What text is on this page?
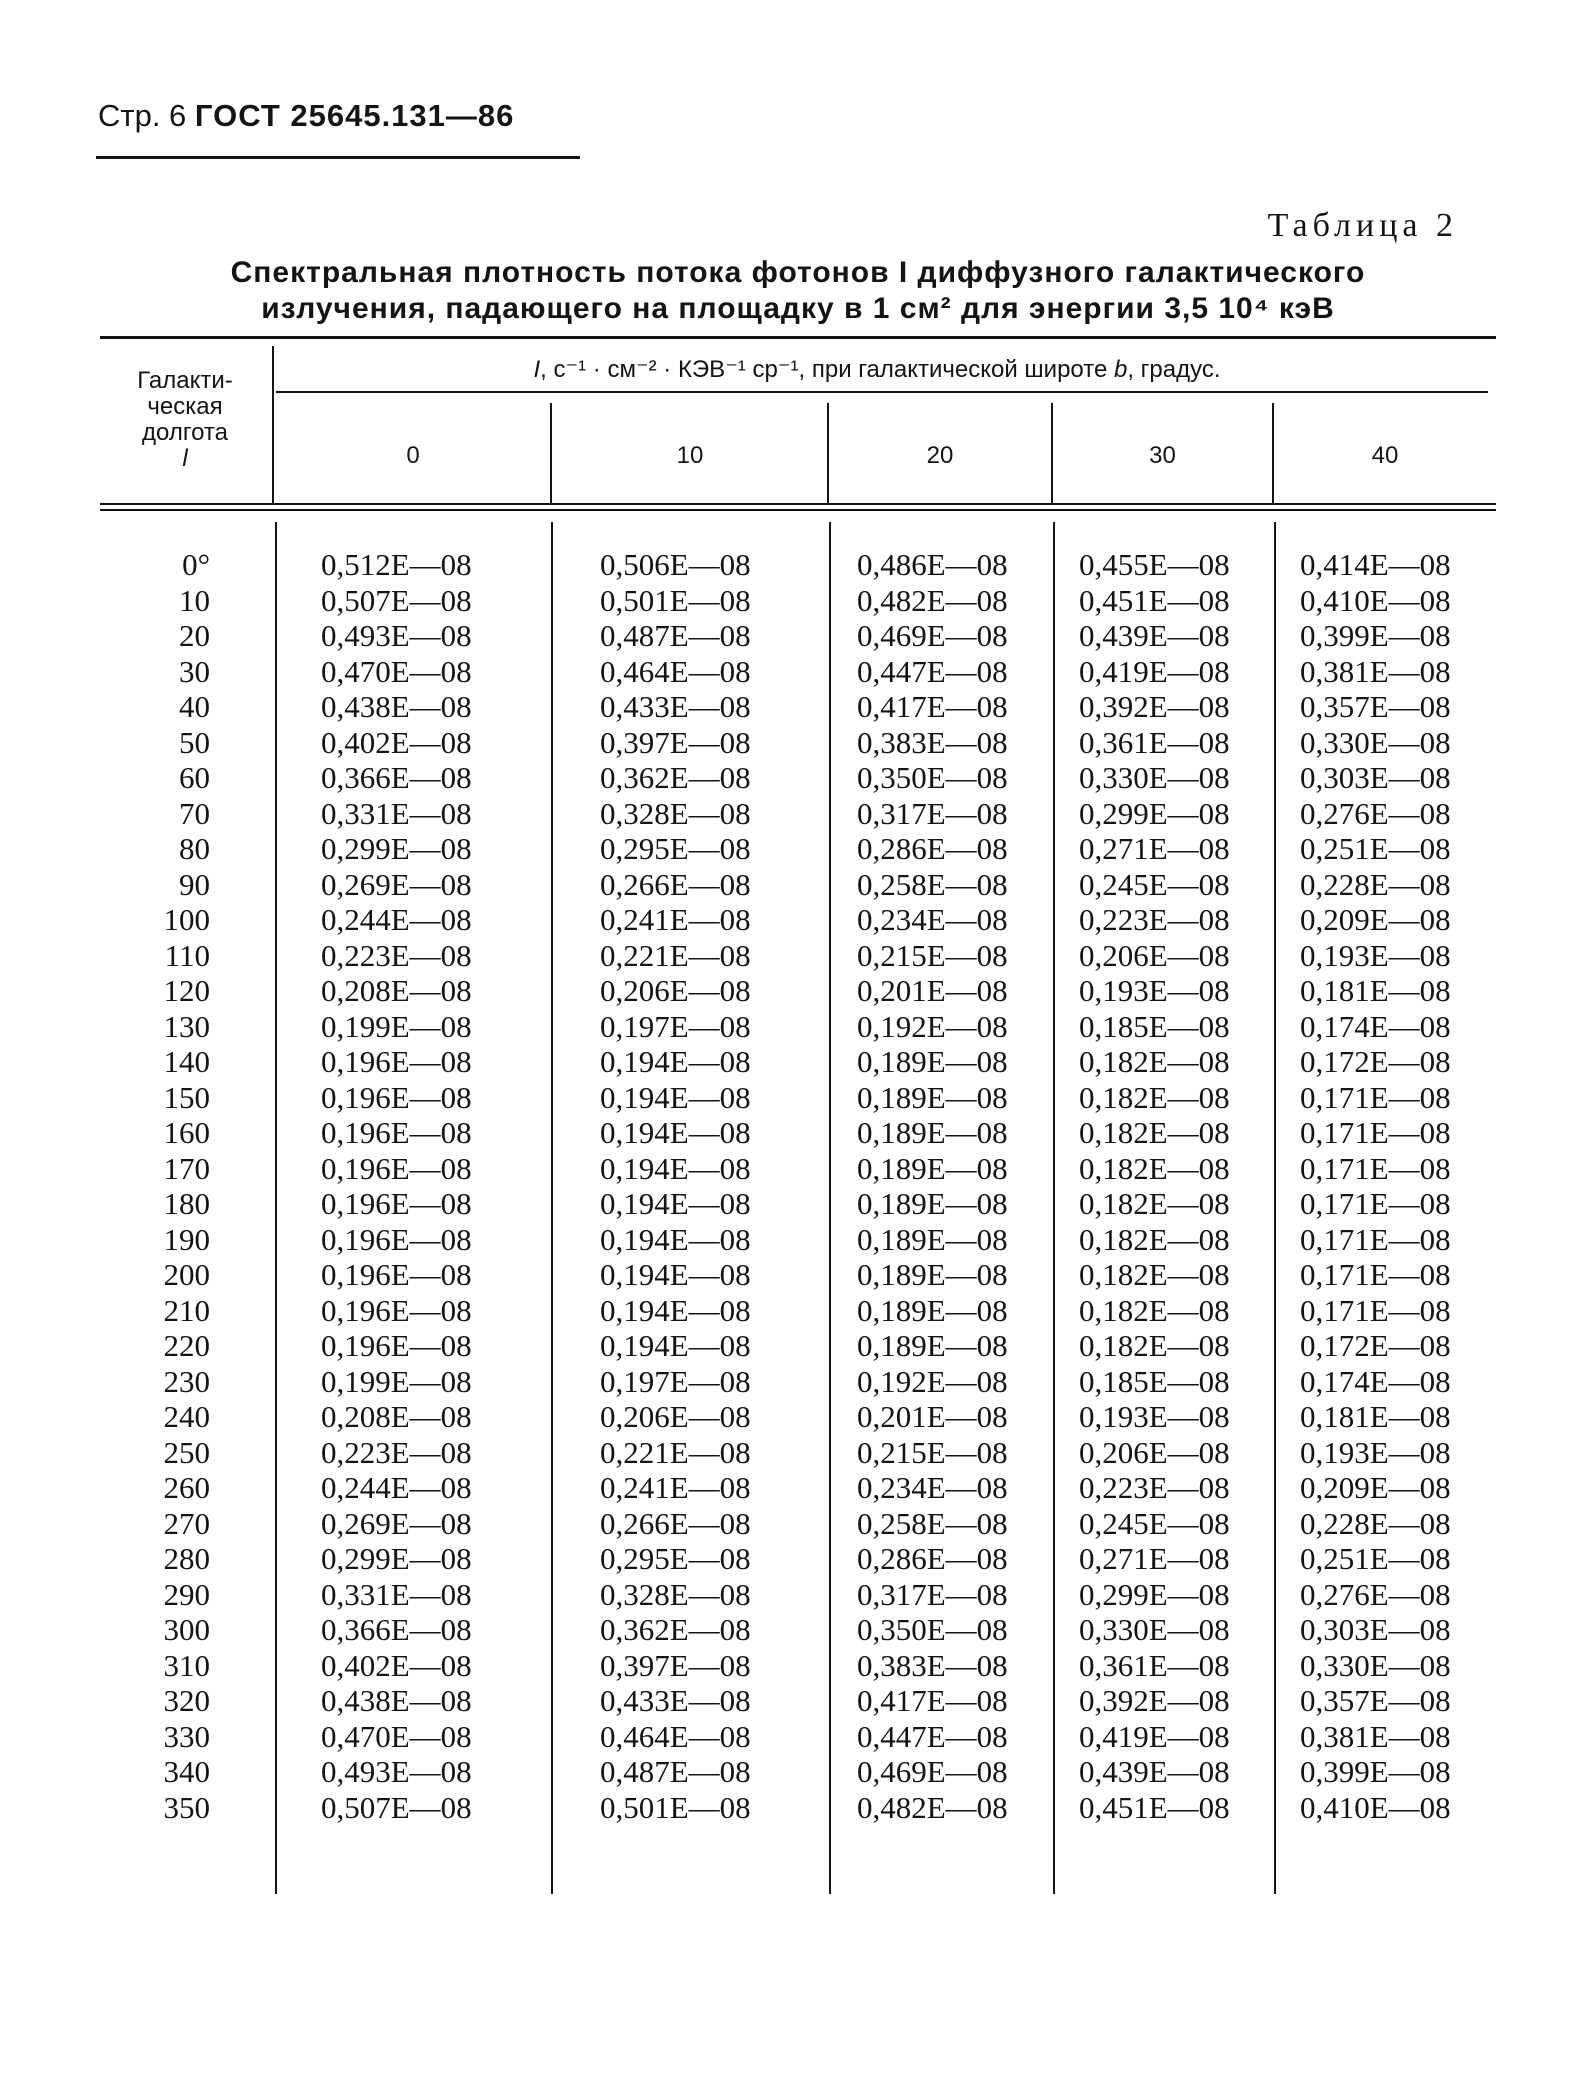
Стр. 6 ГОСТ 25645.131—86
Таблица 2
Спектральная плотность потока фотонов I диффузного галактического
излучения, падающего на площадку в 1 см² для энергии 3,5 10⁴ кэВ
Галакти-
ческая
долгота
l
I, с⁻¹ · см⁻² · КЭВ⁻¹ ср⁻¹, при галактической широте b, градус.
0	10	20	30	40
0°	0,512E—08	0,506E—08	0,486E—08 0,455E—08 0,414E—08
10	0,507E—08	0,501E—08	0,482E—08 0,451E—08 0,410E—08
20	0,493E—08	0,487E—08	0,469E—08 0,439E—08 0,399E—08
30	0,470E—08	0,464E—08	0,447E—08 0,419E—08 0,381E—08
40	0,438E—08	0,433E—08	0,417E—08 0,392E—08 0,357E—08
50	0,402E—08	0,397E—08	0,383E—08 0,361E—08 0,330E—08
60	0,366E—08	0,362E—08	0,350E—08 0,330E—08 0,303E—08
70	0,331E—08	0,328E—08	0,317E—08 0,299E—08 0,276E—08
80	0,299E—08	0,295E—08	0,286E—08 0,271E—08 0,251E—08
90	0,269E—08	0,266E—08	0,258E—08 0,245E—08 0,228E—08
100	0,244E—08	0,241E—08	0,234E—08 0,223E—08 0,209E—08
110	0,223E—08	0,221E—08	0,215E—08 0,206E—08 0,193E—08
120	0,208E—08	0,206E—08	0,201E—08 0,193E—08 0,181E—08
130	0,199E—08	0,197E—08	0,192E—08 0,185E—08 0,174E—08
140	0,196E—08	0,194E—08	0,189E—08 0,182E—08 0,172E—08
150	0,196E—08	0,194E—08	0,189E—08 0,182E—08 0,171E—08
160	0,196E—08	0,194E—08	0,189E—08 0,182E—08 0,171E—08
170	0,196E—08	0,194E—08	0,189E—08 0,182E—08 0,171E—08
180	0,196E—08	0,194E—08	0,189E—08 0,182E—08 0,171E—08
190	0,196E—08	0,194E—08	0,189E—08 0,182E—08 0,171E—08
200	0,196E—08	0,194E—08	0,189E—08 0,182E—08 0,171E—08
210	0,196E—08	0,194E—08	0,189E—08 0,182E—08 0,171E—08
220	0,196E—08	0,194E—08	0,189E—08 0,182E—08 0,172E—08
230	0,199E—08	0,197E—08	0,192E—08 0,185E—08 0,174E—08
240	0,208E—08	0,206E—08	0,201E—08 0,193E—08 0,181E—08
250	0,223E—08	0,221E—08	0,215E—08 0,206E—08 0,193E—08
260	0,244E—08	0,241E—08	0,234E—08 0,223E—08 0,209E—08
270	0,269E—08	0,266E—08	0,258E—08 0,245E—08 0,228E—08
280	0,299E—08	0,295E—08	0,286E—08 0,271E—08 0,251E—08
290	0,331E—08	0,328E—08	0,317E—08 0,299E—08 0,276E—08
300	0,366E—08	0,362E—08	0,350E—08 0,330E—08 0,303E—08
310	0,402E—08	0,397E—08	0,383E—08 0,361E—08 0,330E—08
320	0,438E—08	0,433E—08	0,417E—08 0,392E—08 0,357E—08
330	0,470E—08	0,464E—08	0,447E—08 0,419E—08 0,381E—08
340	0,493E—08	0,487E—08	0,469E—08 0,439E—08 0,399E—08
350	0,507E—08	0,501E—08	0,482E—08 0,451E—08 0,410E—08
